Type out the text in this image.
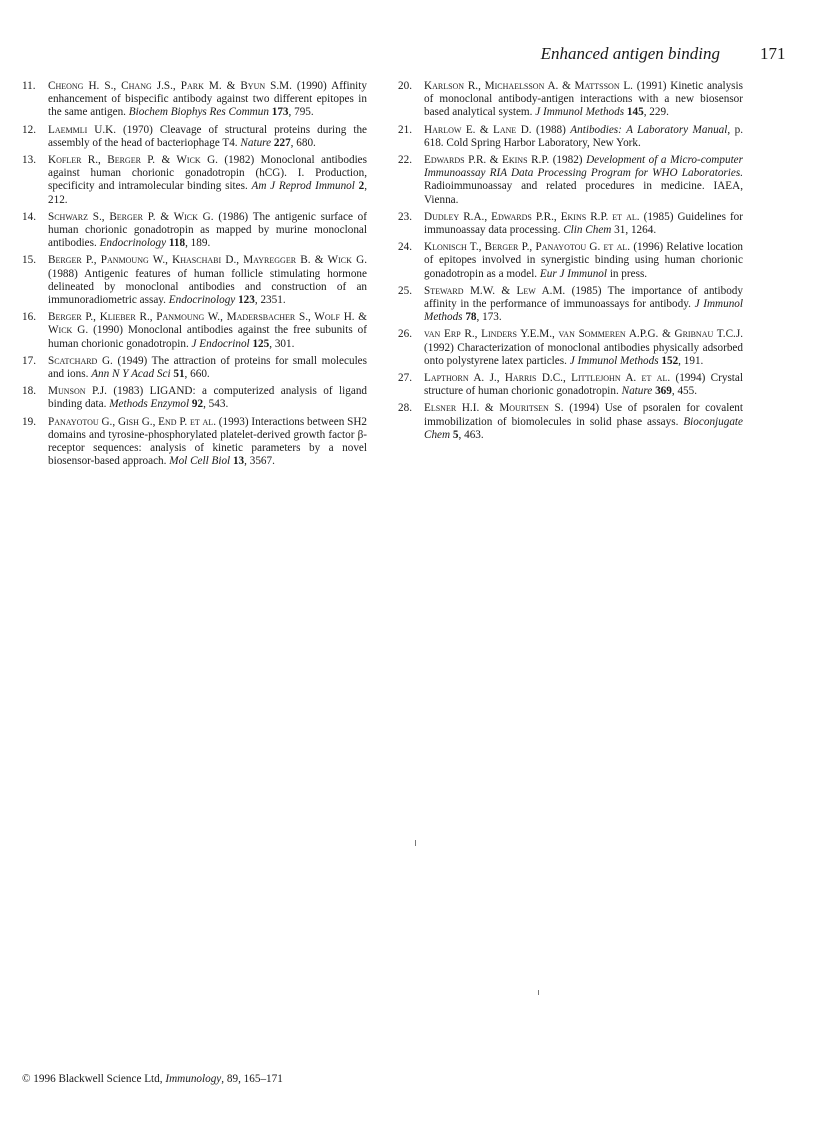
Enhanced antigen binding 171

11. Cheong H. S., Chang J.S., Park M. & Byun S.M. (1990) Affinity enhancement of bispecific antibody against two different epitopes in the same antigen. Biochem Biophys Res Commun 173, 795.

12. Laemmli U.K. (1970) Cleavage of structural proteins during the assembly of the head of bacteriophage T4. Nature 227, 680.

13. Kofler R., Berger P. & Wick G. (1982) Monoclonal antibodies against human chorionic gonadotropin (hCG). I. Production, specificity and intramolecular binding sites. Am J Reprod Immunol 2, 212.

14. Schwarz S., Berger P. & Wick G. (1986) The antigenic surface of human chorionic gonadotropin as mapped by murine monoclonal antibodies. Endocrinology 118, 189.

15. Berger P., Panmoung W., Khaschabi D., Mayregger B. & Wick G. (1988) Antigenic features of human follicle stimulating hormone delineated by monoclonal antibodies and construction of an immunoradiometric assay. Endocrinology 123, 2351.

16. Berger P., Klieber R., Panmoung W., Madersbacher S., Wolf H. & Wick G. (1990) Monoclonal antibodies against the free subunits of human chorionic gonadotropin. J Endocrinol 125, 301.

17. Scatchard G. (1949) The attraction of proteins for small molecules and ions. Ann N Y Acad Sci 51, 660.

18. Munson P.J. (1983) LIGAND: a computerized analysis of ligand binding data. Methods Enzymol 92, 543.

19. Panayotou G., Gish G., End P. et al. (1993) Interactions between SH2 domains and tyrosine-phosphorylated platelet-derived growth factor β-receptor sequences: analysis of kinetic parameters by a novel biosensor-based approach. Mol Cell Biol 13, 3567.

20. Karlson R., Michaelsson A. & Mattsson L. (1991) Kinetic analysis of monoclonal antibody-antigen interactions with a new biosensor based analytical system. J Immunol Methods 145, 229.

21. Harlow E. & Lane D. (1988) Antibodies: A Laboratory Manual, p. 618. Cold Spring Harbor Laboratory, New York.

22. Edwards P.R. & Ekins R.P. (1982) Development of a Micro-computer Immunoassay RIA Data Processing Program for WHO Laboratories. Radioimmunoassay and related procedures in medicine. IAEA, Vienna.

23. Dudley R.A., Edwards P.R., Ekins R.P. et al. (1985) Guidelines for immunoassay data processing. Clin Chem 31, 1264.

24. Klonisch T., Berger P., Panayotou G. et al. (1996) Relative location of epitopes involved in synergistic binding using human chorionic gonadotropin as a model. Eur J Immunol in press.

25. Steward M.W. & Lew A.M. (1985) The importance of antibody affinity in the performance of immunoassays for antibody. J Immunol Methods 78, 173.

26. van Erp R., Linders Y.E.M., van Sommeren A.P.G. & Gribnau T.C.J. (1992) Characterization of monoclonal antibodies physically adsorbed onto polystyrene latex particles. J Immunol Methods 152, 191.

27. Lapthorn A. J., Harris D.C., Littlejohn A. et al. (1994) Crystal structure of human chorionic gonadotropin. Nature 369, 455.

28. Elsner H.I. & Mouritsen S. (1994) Use of psoralen for covalent immobilization of biomolecules in solid phase assays. Bioconjugate Chem 5, 463.

© 1996 Blackwell Science Ltd, Immunology, 89, 165–171
